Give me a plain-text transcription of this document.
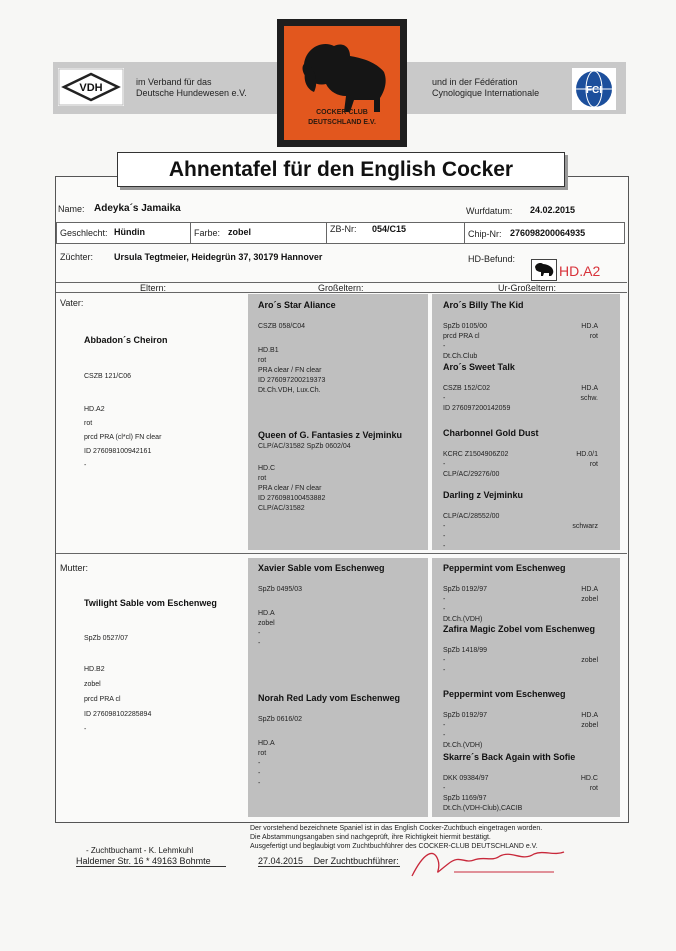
VDH	im Verband für das
Deutsche Hundewesen e.V.
und in der Fédération
Cynologique Internationale	FCI
COCKER CLUB
DEUTSCHLAND E.V.
Ahnentafel für den English Cocker
Name: Adeyka´s Jamaika	Wurfdatum: 24.02.2015
Geschlecht: Hündin	Farbe: zobel	ZB-Nr: 054/C15	Chip-Nr: 276098200064935
Züchter: Ursula Tegtmeier, Heidegrün 37, 30179 Hannover	HD-Befund:
HD.A2
Eltern:	Großeltern:	Ur-Großeltern:
Vater:
Abbadon´s Cheiron
CSZB 121/C06
HD.A2
rot
prcd PRA (cl*cl) FN clear
ID 276098100942161
-
Mutter:
Twilight Sable vom Eschenweg
SpZb 0527/07
HD.B2
zobel
prcd PRA cl
ID 276098102285894
-
Aro´s Star Aliance
CSZB 058/C04
HD.B1
rot
PRA clear / FN clear
ID 276097200219373
Dt.Ch.VDH, Lux.Ch.
Queen of G. Fantasies z Vejminku
CLP/AC/31582 SpZb 0602/04
HD.C
rot
PRA clear / FN clear
ID 276098100453882
CLP/AC/31582
Xavier Sable vom Eschenweg
SpZb 0495/03
HD.A
zobel
-
-
Norah Red Lady vom Eschenweg
SpZb 0616/02
HD.A
rot
-
-
-
Aro´s Billy The Kid
SpZb 0105/00	HD.A
prcd PRA cl	rot
-
Dt.Ch.Club
Aro´s Sweet Talk
CSZB 152/C02	HD.A
-	schw.
ID 276097200142059
Charbonnel Gold Dust
KCRC Z1504906Z02	HD.0/1
-	rot
CLP/AC/29276/00
Darling z Vejminku
CLP/AC/28552/00
-	schwarz
-
-
Peppermint vom Eschenweg
SpZb 0192/97	HD.A
-	zobel
-
Dt.Ch.(VDH)
Zafira Magic Zobel vom Eschenweg
SpZb 1418/99
-	zobel
-
Peppermint vom Eschenweg
SpZb 0192/97	HD.A
-	zobel
-
Dt.Ch.(VDH)
Skarre´s Back Again with Sofie
DKK 09384/97	HD.C
-	rot
SpZb 1169/97
Dt.Ch.(VDH-Club),CACIB
Der vorstehend bezeichnete Spaniel ist in das English Cocker-Zuchtbuch eingetragen worden.
Die Abstammungsangaben sind nachgeprüft, ihre Richtigkeit hiermit bestätigt.
Ausgefertigt und beglaubigt vom Zuchtbuchführer des COCKER-CLUB DEUTSCHLAND e.V.
- Zuchtbuchamt - K. Lehmkuhl
Haldemer Str. 16 * 49163 Bohmte	27.04.2015 Der Zuchtbuchführer:
